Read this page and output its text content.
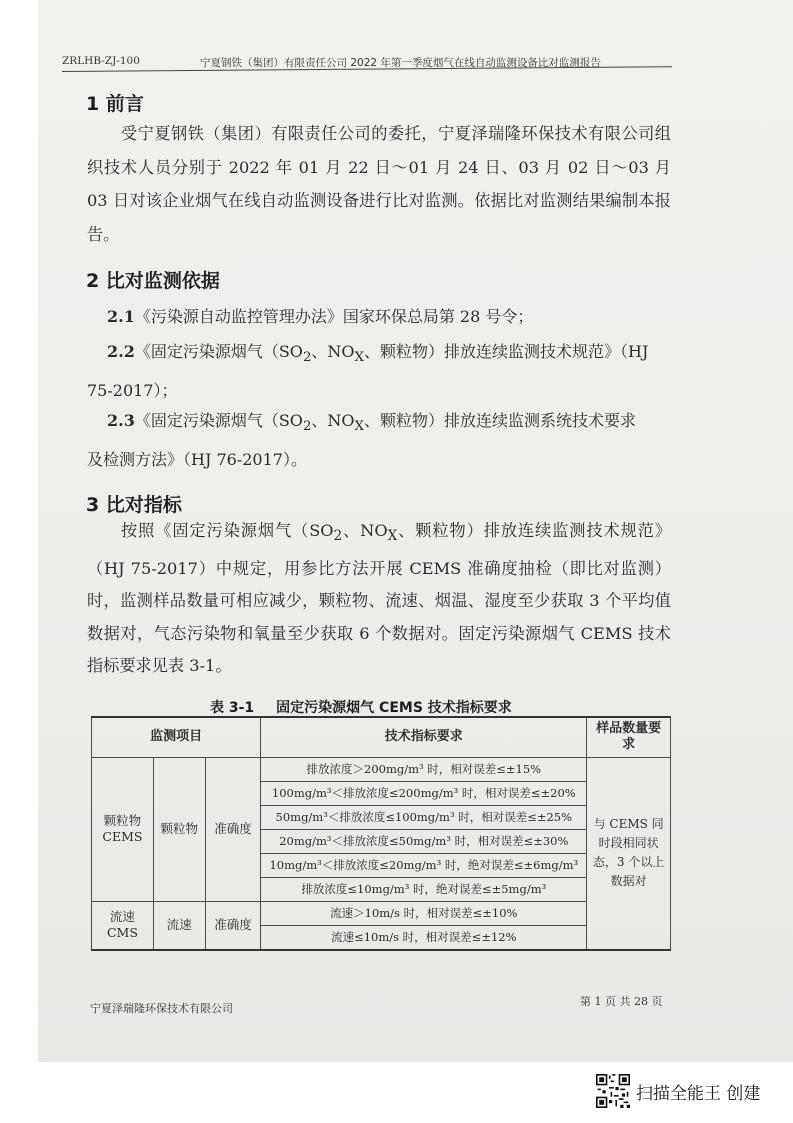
ZRLHB-ZJ-100	宁夏钢铁（集团）有限责任公司 2022 年第一季度烟气在线自动监测设备比对监测报告
1 前言
受宁夏钢铁（集团）有限责任公司的委托，宁夏泽瑞隆环保技术有限公司组织技术人员分别于 2022 年 01 月 22 日～01 月 24 日、03 月 02 日～03 月 03 日对该企业烟气在线自动监测设备进行比对监测。依据比对监测结果编制本报告。
2 比对监测依据
2.1《污染源自动监控管理办法》国家环保总局第 28 号令；
2.2《固定污染源烟气（$SO_2$、$NO_X$、颗粒物）排放连续监测技术规范》（HJ
75-2017）；
2.3《固定污染源烟气（$SO_2$、$NO_X$、颗粒物）排放连续监测系统技术要求
及检测方法》（HJ 76-2017）。
3 比对指标
按照《固定污染源烟气（$SO_2$、$NO_X$、颗粒物）排放连续监测技术规范》（HJ 75-2017）中规定，用参比方法开展 CEMS 准确度抽检（即比对监测）时，监测样品数量可相应减少，颗粒物、流速、烟温、湿度至少获取 3 个平均值数据对，气态污染物和氧量至少获取 6 个数据对。固定污染源烟气 CEMS 技术指标要求见表 3-1。
表 3-1 固定污染源烟气 CEMS 技术指标要求
监测项目			技术指标要求	样品数量要求
颗粒物 CEMS	颗粒物	准确度	排放浓度＞200mg/m³ 时，相对误差≤±15%	与 CEMS 同时段相同状态，3 个以上数据对
			100mg/m³＜排放浓度≤200mg/m³ 时，相对误差≤±20%	
			50mg/m³＜排放浓度≤100mg/m³ 时，相对误差≤±25%	
			20mg/m³＜排放浓度≤50mg/m³ 时，相对误差≤±30%	
			10mg/m³＜排放浓度≤20mg/m³ 时，绝对误差≤±6mg/m³	
			排放浓度≤10mg/m³ 时，绝对误差≤±5mg/m³	
流速 CMS	流速	准确度	流速＞10m/s 时，相对误差≤±10%	
			流速≤10m/s 时，相对误差≤±12%	
宁夏泽瑞隆环保技术有限公司
第 1 页 共 28 页
扫描全能王 创建
